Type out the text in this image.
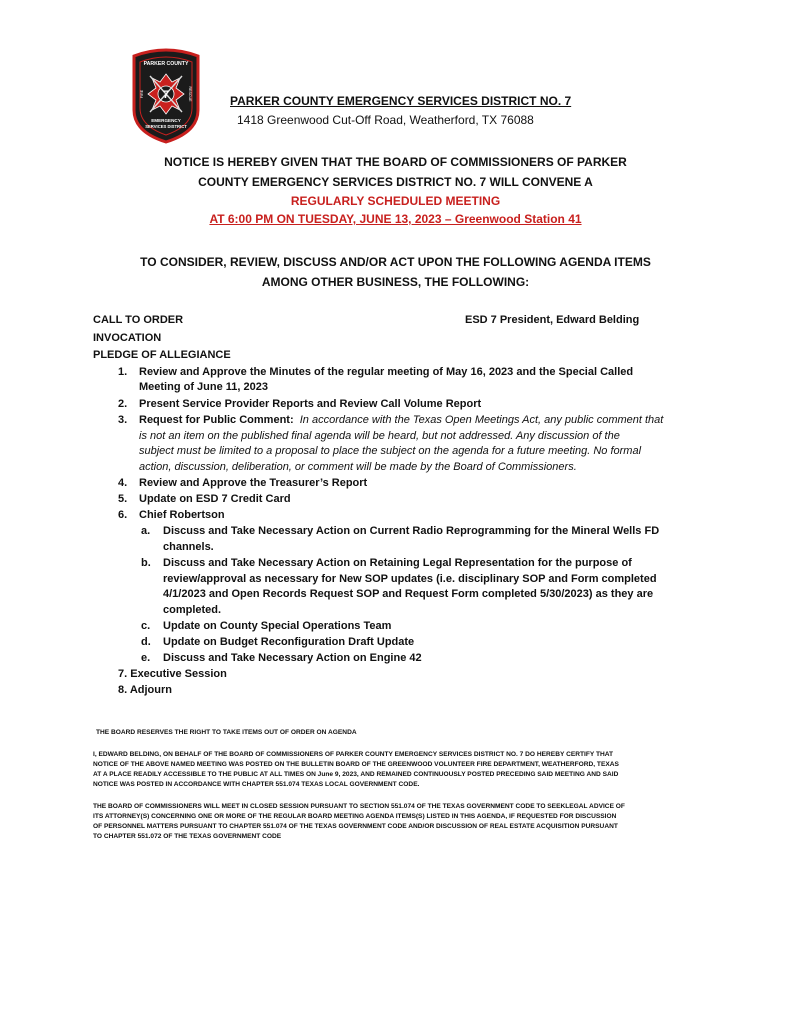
PARKER COUNTY
7
FIRE	RESCUE
EMERGENCY
SERVICES DISTRICT
PARKER COUNTY EMERGENCY SERVICES DISTRICT NO. 7
1418 Greenwood Cut-Off Road, Weatherford, TX 76088
NOTICE IS HEREBY GIVEN THAT THE BOARD OF COMMISSIONERS OF PARKER
COUNTY EMERGENCY SERVICES DISTRICT NO. 7 WILL CONVENE A
REGULARLY SCHEDULED MEETING
AT 6:00 PM ON TUESDAY, JUNE 13, 2023 – Greenwood Station 41
TO CONSIDER, REVIEW, DISCUSS AND/OR ACT UPON THE FOLLOWING AGENDA ITEMS
AMONG OTHER BUSINESS, THE FOLLOWING:
CALL TO ORDER	ESD 7 President, Edward Belding
INVOCATION
PLEDGE OF ALLEGIANCE
1. Review and Approve the Minutes of the regular meeting of May 16, 2023 and the Special Called
Meeting of June 11, 2023
2. Present Service Provider Reports and Review Call Volume Report
3. Request for Public Comment: In accordance with the Texas Open Meetings Act, any public comment that
is not an item on the published final agenda will be heard, but not addressed. Any discussion of the
subject must be limited to a proposal to place the subject on the agenda for a future meeting. No formal
action, discussion, deliberation, or comment will be made by the Board of Commissioners.
4. Review and Approve the Treasurer’s Report
5. Update on ESD 7 Credit Card
6. Chief Robertson
a. Discuss and Take Necessary Action on Current Radio Reprogramming for the Mineral Wells FD
channels.
b. Discuss and Take Necessary Action on Retaining Legal Representation for the purpose of
review/approval as necessary for New SOP updates (i.e. disciplinary SOP and Form completed
4/1/2023 and Open Records Request SOP and Request Form completed 5/30/2023) as they are
completed.
c. Update on County Special Operations Team
d. Update on Budget Reconfiguration Draft Update
e. Discuss and Take Necessary Action on Engine 42
7. Executive Session
8. Adjourn
THE BOARD RESERVES THE RIGHT TO TAKE ITEMS OUT OF ORDER ON AGENDA
I, EDWARD BELDING, ON BEHALF OF THE BOARD OF COMMISSIONERS OF PARKER COUNTY EMERGENCY SERVICES DISTRICT NO. 7 DO HEREBY CERTIFY THAT
NOTICE OF THE ABOVE NAMED MEETING WAS POSTED ON THE BULLETIN BOARD OF THE GREENWOOD VOLUNTEER FIRE DEPARTMENT, WEATHERFORD, TEXAS
AT A PLACE READILY ACCESSIBLE TO THE PUBLIC AT ALL TIMES ON June 9, 2023, AND REMAINED CONTINUOUSLY POSTED PRECEDING SAID MEETING AND SAID
NOTICE WAS POSTED IN ACCORDANCE WITH CHAPTER 551.074 TEXAS LOCAL GOVERNMENT CODE.
THE BOARD OF COMMISSIONERS WILL MEET IN CLOSED SESSION PURSUANT TO SECTION 551.074 OF THE TEXAS GOVERNMENT CODE TO SEEKLEGAL ADVICE OF
ITS ATTORNEY(S) CONCERNING ONE OR MORE OF THE REGULAR BOARD MEETING AGENDA ITEMS(S) LISTED IN THIS AGENDA, IF REQUESTED FOR DISCUSSION
OF PERSONNEL MATTERS PURSUANT TO CHAPTER 551.074 OF THE TEXAS GOVERNMENT CODE AND/OR DISCUSSION OF REAL ESTATE ACQUISITION PURSUANT
TO CHAPTER 551.072 OF THE TEXAS GOVERNMENT CODE
